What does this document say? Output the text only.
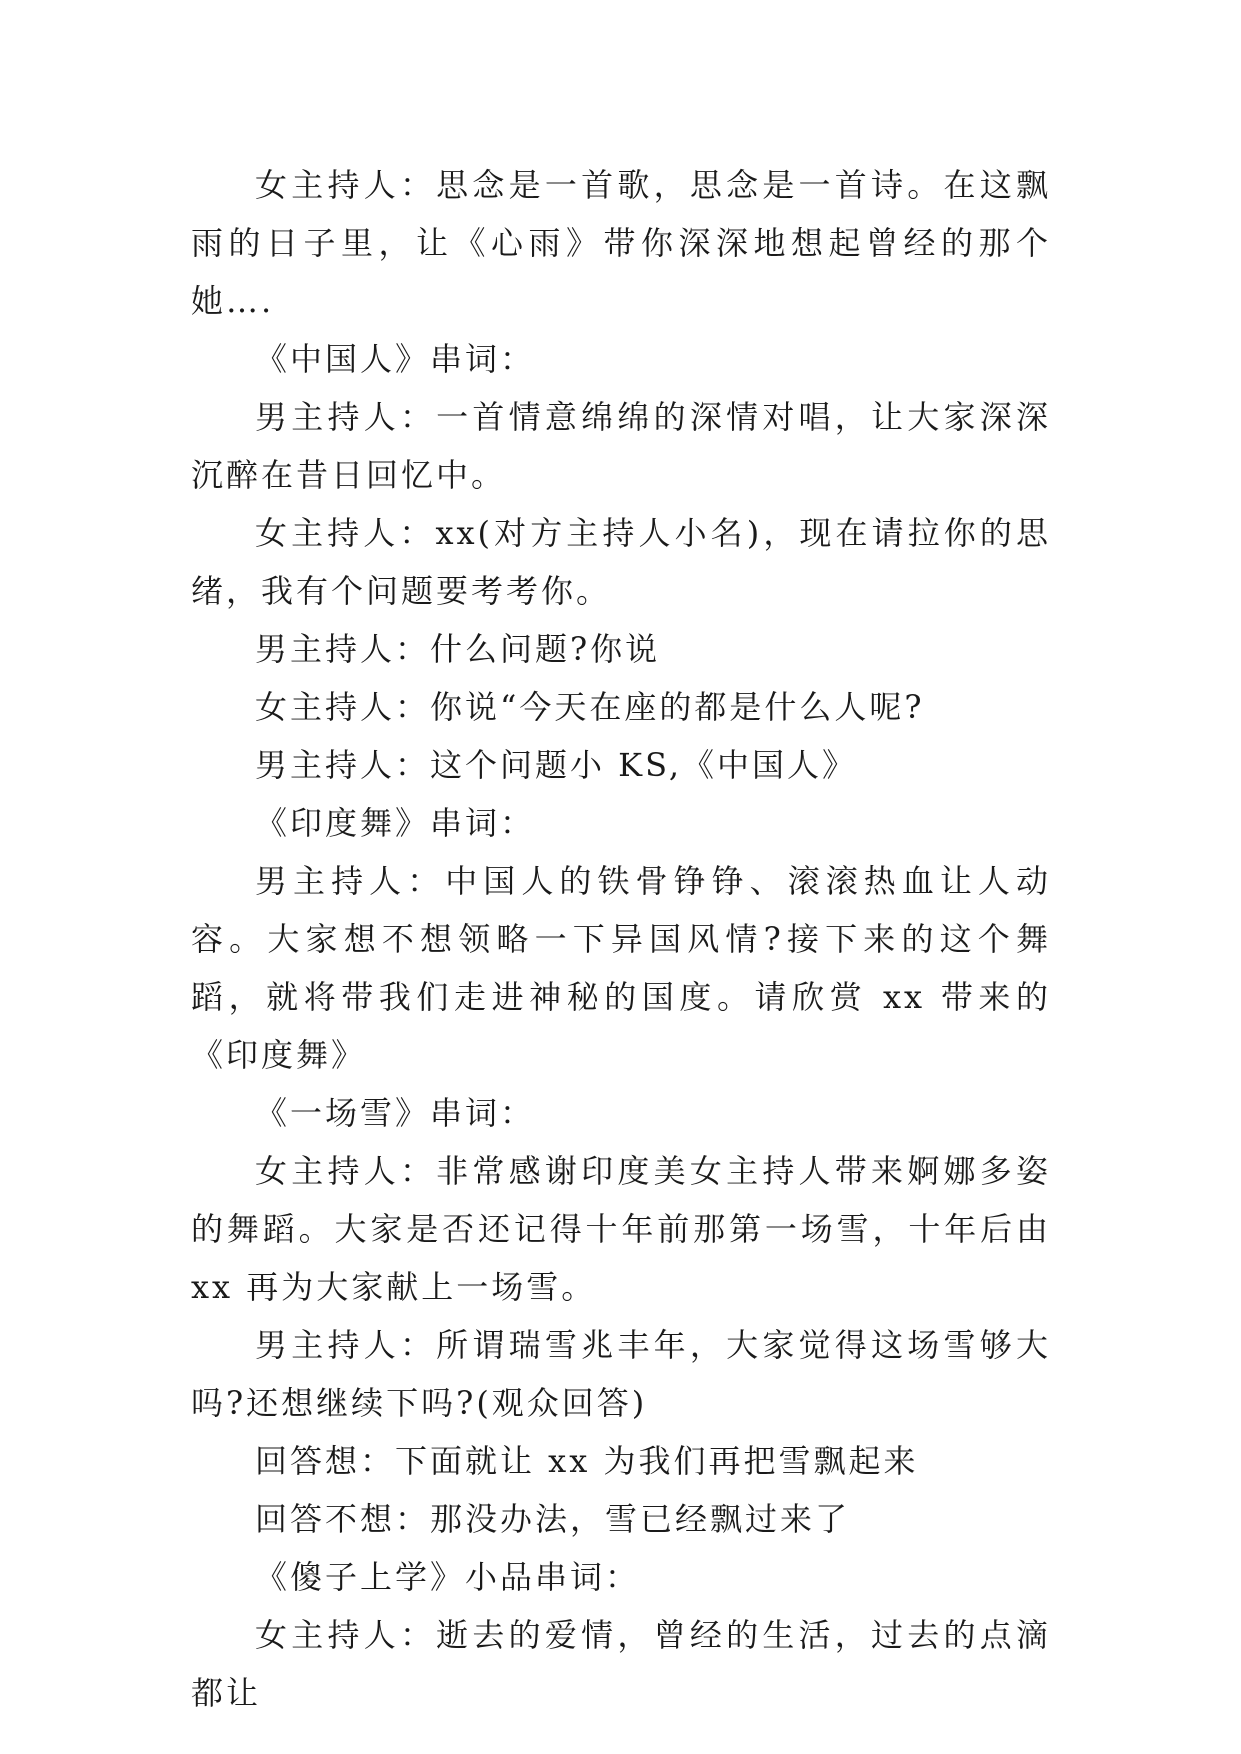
女主持人：思念是一首歌，思念是一首诗。在这飘雨的日子里，让《心雨》带你深深地想起曾经的那个她….

《中国人》串词：

男主持人：一首情意绵绵的深情对唱，让大家深深沉醉在昔日回忆中。

女主持人：xx(对方主持人小名)，现在请拉你的思绪，我有个问题要考考你。

男主持人：什么问题?你说

女主持人：你说“今天在座的都是什么人呢?

男主持人：这个问题小 KS,《中国人》

《印度舞》串词：

男主持人：中国人的铁骨铮铮、滚滚热血让人动容。大家想不想领略一下异国风情?接下来的这个舞蹈，就将带我们走进神秘的国度。请欣赏 xx 带来的《印度舞》

《一场雪》串词：

女主持人：非常感谢印度美女主持人带来婀娜多姿的舞蹈。大家是否还记得十年前那第一场雪，十年后由 xx 再为大家献上一场雪。

男主持人：所谓瑞雪兆丰年，大家觉得这场雪够大吗?还想继续下吗?(观众回答)

回答想：下面就让 xx 为我们再把雪飘起来

回答不想：那没办法，雪已经飘过来了

《傻子上学》小品串词：

女主持人：逝去的爱情，曾经的生活，过去的点滴都让
